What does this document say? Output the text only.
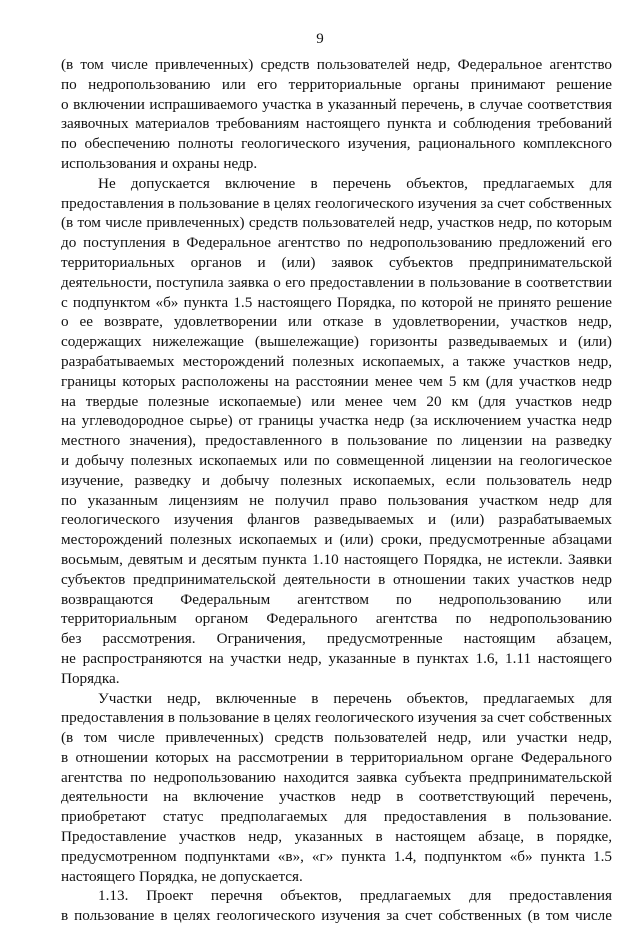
9
(в том числе привлеченных) средств пользователей недр, Федеральное агентство
по недропользованию или его территориальные органы принимают решение
о включении испрашиваемого участка в указанный перечень, в случае соответствия
заявочных материалов требованиям настоящего пункта и соблюдения требований
по обеспечению полноты геологического изучения, рационального комплексного
использования и охраны недр.
Не допускается включение в перечень объектов, предлагаемых для
предоставления в пользование в целях геологического изучения за счет собственных
(в том числе привлеченных) средств пользователей недр, участков недр, по которым
до поступления в Федеральное агентство по недропользованию предложений его
территориальных органов и (или) заявок субъектов предпринимательской
деятельности, поступила заявка о его предоставлении в пользование в соответствии
с подпунктом «б» пункта 1.5 настоящего Порядка, по которой не принято решение
о ее возврате, удовлетворении или отказе в удовлетворении, участков недр,
содержащих нижележащие (вышележащие) горизонты разведываемых и (или)
разрабатываемых месторождений полезных ископаемых, а также участков недр,
границы которых расположены на расстоянии менее чем 5 км (для участков недр
на твердые полезные ископаемые) или менее чем 20 км (для участков недр
на углеводородное сырье) от границы участка недр (за исключением участка недр
местного значения), предоставленного в пользование по лицензии на разведку
и добычу полезных ископаемых или по совмещенной лицензии на геологическое
изучение, разведку и добычу полезных ископаемых, если пользователь недр
по указанным лицензиям не получил право пользования участком недр для
геологического изучения флангов разведываемых и (или) разрабатываемых
месторождений полезных ископаемых и (или) сроки, предусмотренные абзацами
восьмым, девятым и десятым пункта 1.10 настоящего Порядка, не истекли. Заявки
субъектов предпринимательской деятельности в отношении таких участков недр
возвращаются Федеральным агентством по недропользованию или
территориальным органом Федерального агентства по недропользованию
без рассмотрения. Ограничения, предусмотренные настоящим абзацем,
не распространяются на участки недр, указанные в пунктах 1.6, 1.11 настоящего
Порядка.
Участки недр, включенные в перечень объектов, предлагаемых для
предоставления в пользование в целях геологического изучения за счет собственных
(в том числе привлеченных) средств пользователей недр, или участки недр,
в отношении которых на рассмотрении в территориальном органе Федерального
агентства по недропользованию находится заявка субъекта предпринимательской
деятельности на включение участков недр в соответствующий перечень,
приобретают статус предполагаемых для предоставления в пользование.
Предоставление участков недр, указанных в настоящем абзаце, в порядке,
предусмотренном подпунктами «в», «г» пункта 1.4, подпунктом «б» пункта 1.5
настоящего Порядка, не допускается.
1.13. Проект перечня объектов, предлагаемых для предоставления
в пользование в целях геологического изучения за счет собственных (в том числе
